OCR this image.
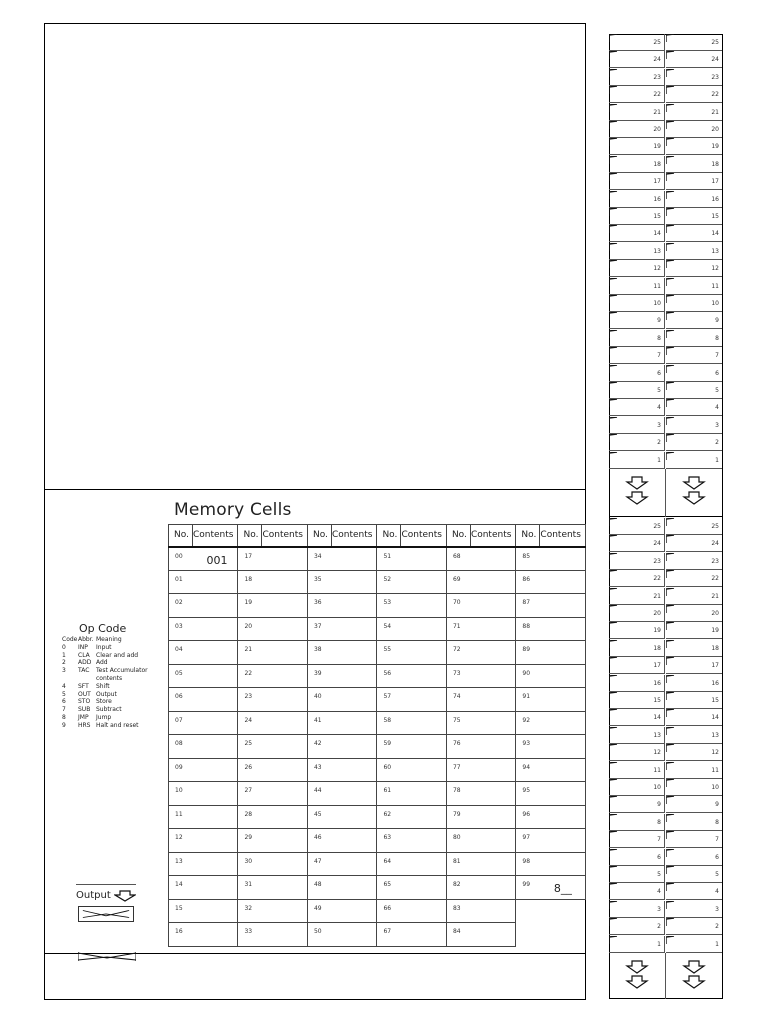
Memory Cells
No.	Contents	No.	Contents	No.	Contents	No.	Contents	No.	Contents	No.	Contents

00	001	17		34		51		68		85	

01		18		35		52		69		86	

02		19		36		53		70		87	

03		20		37		54		71		88	

04		21		38		55		72		89	

05		22		39		56		73		90	

06		23		40		57		74		91	

07		24		41		58		75		92	

08		25		42		59		76		93	

09		26		43		60		77		94	

10		27		44		61		78		95	

11		28		45		62		79		96	

12		29		46		63		80		97	

13		30		47		64		81		98	

14		31		48		65		82		99	8__

15		32		49		66		83			

16		33		50		67		84			

Op Code
Code Abbr. Meaning
0	INP	Input
1	CLA	Clear and add
2	ADD Add
3	TAC	Test Accumulator
contents
4	SFT	Shift
5	OUT Output
6	STO Store
7	SUB Subtract
8	JMP	Jump
9	HRS Halt and reset
Output
25
24
23
22
21
20
19
18
17
16
15
14
13
12
11
10
9
8
7
6
5
4
3
2
1
25
24
23
22
21
20
19
18
17
16
15
14
13
12
11
10
9
8
7
6
5
4
3
2
1
25
24
23
22
21
20
19
18
17
16
15
14
13
12
11
10
9
8
7
6
5
4
3
2
1
25
24
23
22
21
20
19
18
17
16
15
14
13
12
11
10
9
8
7
6
5
4
3
2
1
